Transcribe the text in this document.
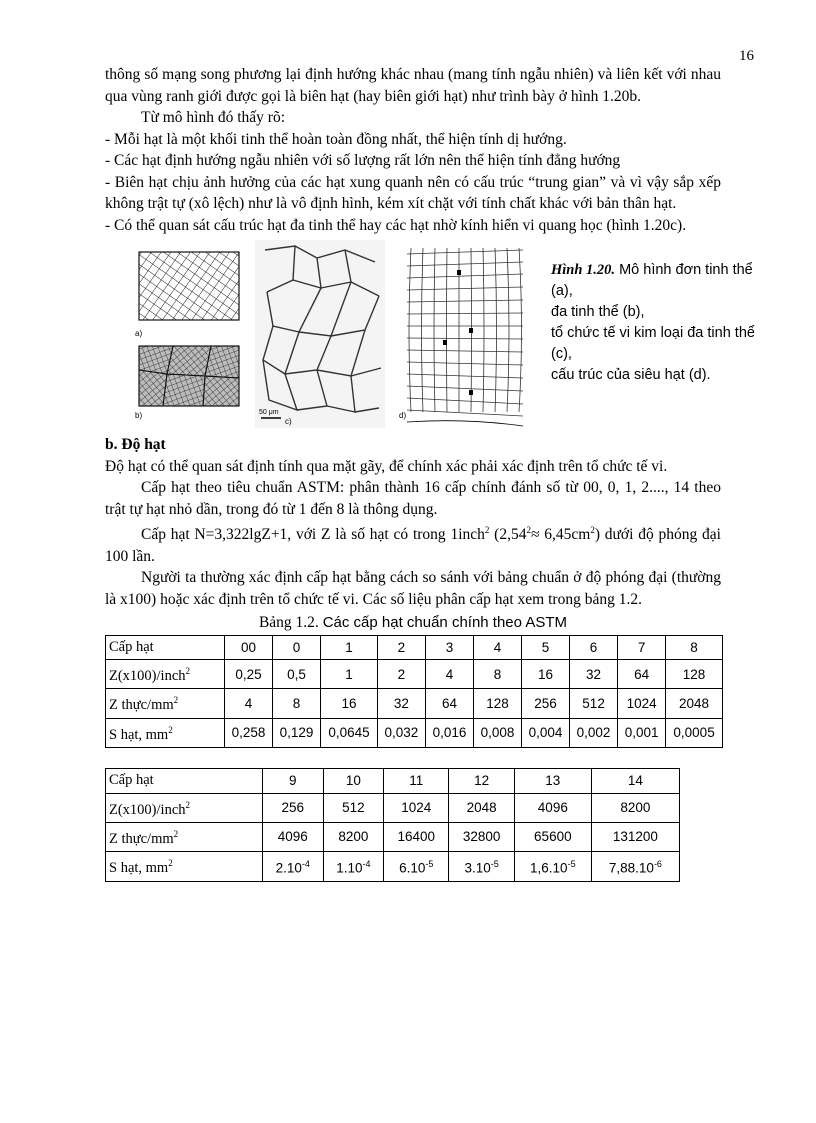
16

thông số mạng song phương lại định hướng khác nhau (mang tính ngẫu nhiên) và liên kết với nhau qua vùng ranh giới được gọi là biên hạt (hay biên giới hạt) như trình bày ở hình 1.20b.

Từ mô hình đó thấy rõ:

- Mỗi hạt là một khối tinh thể hoàn toàn đồng nhất, thể hiện tính dị hướng.

- Các hạt định hướng ngẫu nhiên với số lượng rất lớn nên thể hiện tính đẳng hướng

- Biên hạt chịu ảnh hưởng của các hạt xung quanh nên có cấu trúc “trung gian” và vì vậy sắp xếp không trật tự (xô lệch) như là vô định hình, kém xít chặt với tính chất khác với bản thân hạt.

- Có thể quan sát cấu trúc hạt đa tinh thể hay các hạt nhờ kính hiển vi quang học (hình 1.20c).

a)
b)	50 μm
c)
d)
Hình 1.20. Mô hình đơn tinh thể (a),
đa tinh thể (b),
tổ chức tế vi kim loại đa tinh thể (c),
cấu trúc của siêu hạt (d).
b. Độ hạt

Độ hạt có thể quan sát định tính qua mặt gãy, để chính xác phải xác định trên tổ chức tế vi.

Cấp hạt theo tiêu chuẩn ASTM: phân thành 16 cấp chính đánh số từ 00, 0, 1, 2...., 14 theo trật tự hạt nhỏ dần, trong đó từ 1 đến 8 là thông dụng.

Cấp hạt N=3,322lgZ+1, với Z là số hạt có trong 1inch$^2$ $(2,54^2\approx 6,45cm^2)$ dưới độ phóng đại 100 lần.

Người ta thường xác định cấp hạt bằng cách so sánh với bảng chuẩn ở độ phóng đại (thường là x100) hoặc xác định trên tổ chức tế vi. Các số liệu phân cấp hạt xem trong bảng 1.2.

Bảng 1.2. Các cấp hạt chuẩn chính theo ASTM
Cấp hạt	00	0	1	2	3	4	5	6	7	8
Z(x100)/inch$^2$	0,25	0,5	1	2	4	8	16	32	64	128
Z thực/$mm^2$	4	8	16	32	64	128	256	512	1024	2048
S hạt, $mm^2$	0,258	0,129	0,0645	0,032	0,016	0,008	0,004	0,002	0,001	0,0005
Cấp hạt	9	10	11	12	13	14
Z(x100)/inch$^2$	256	512	1024	2048	4096	8200
Z thực/$mm^2$	4096	8200	16400	32800	65600	131200
S hạt, $mm^2$	$2.10^{-4}$	$1.10^{-4}$	$6.10^{-5}$	$3.10^{-5}$	$1,6.10^{-5}$	$7,88.10^{-6}$
